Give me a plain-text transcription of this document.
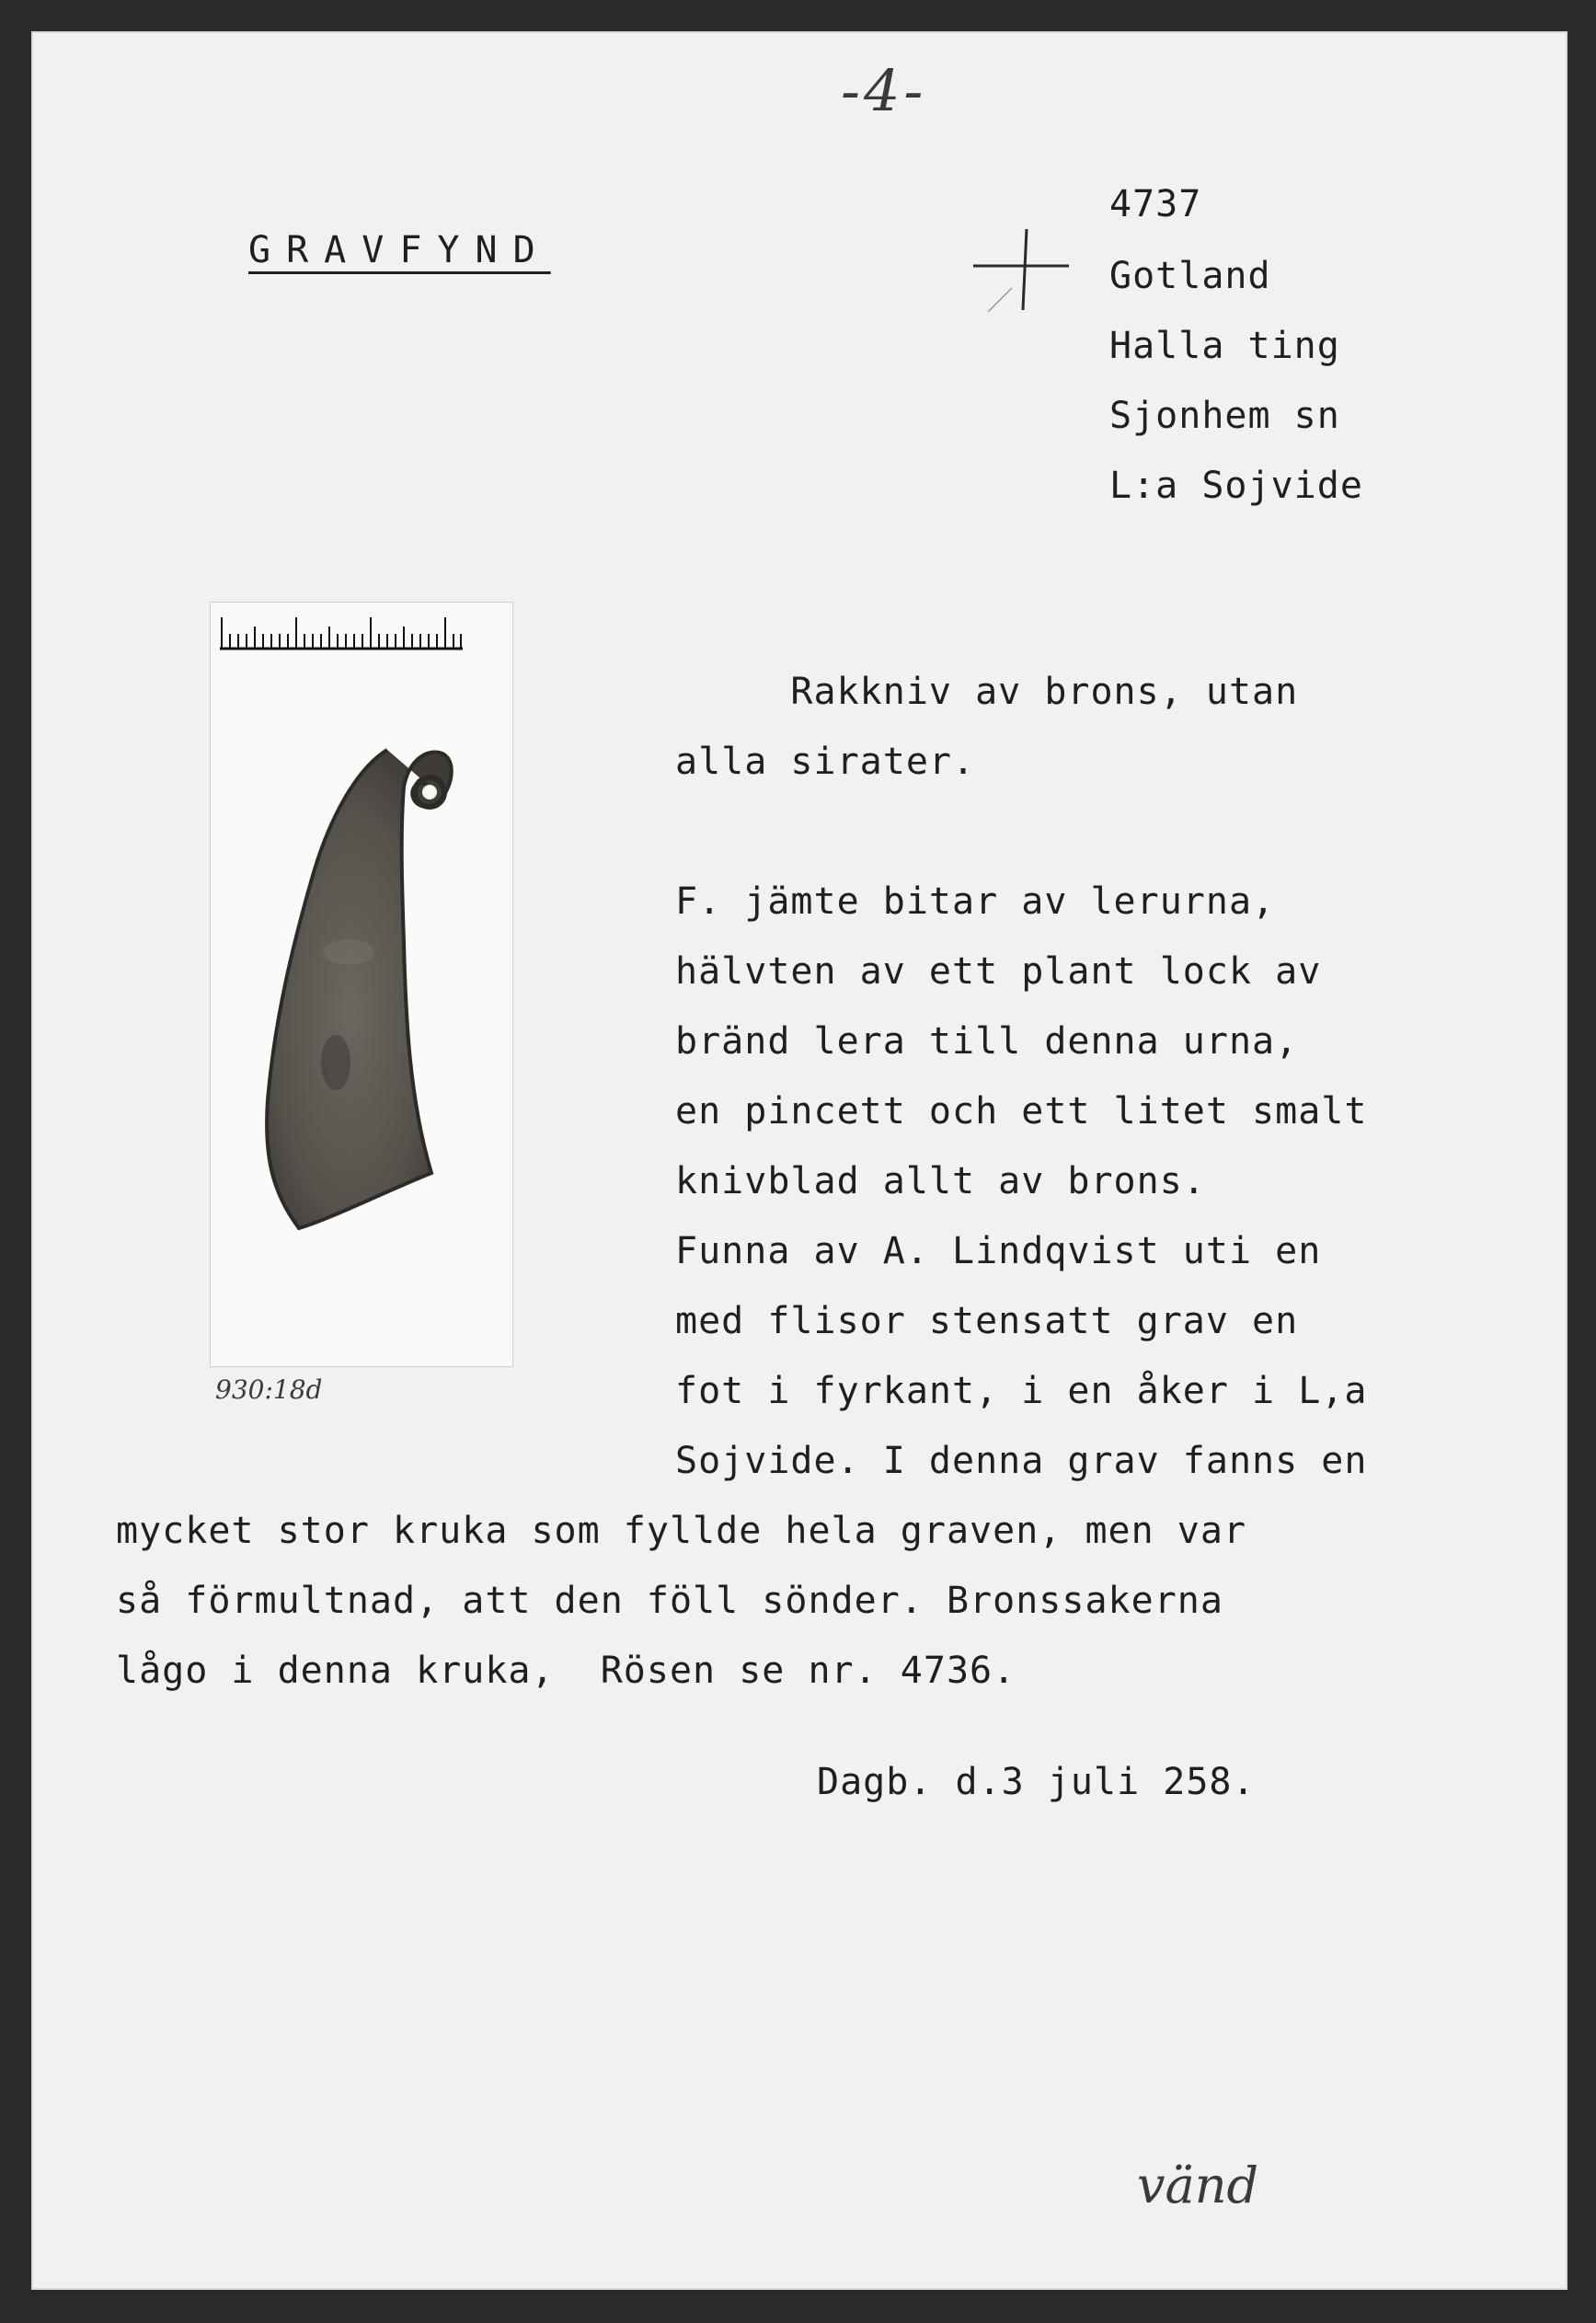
-4-
GRAVFYND
4737
Gotland
Halla ting
Sjonhem sn
L:a Sojvide
930:18d
Rakkniv av brons, utan
alla sirater.
F. jämte bitar av lerurna,
hälvten av ett plant lock av
bränd lera till denna urna,
en pincett och ett litet smalt
knivblad allt av brons.
Funna av A. Lindqvist uti en
med flisor stensatt grav en
fot i fyrkant, i en åker i L,a
Sojvide. I denna grav fanns en
mycket stor kruka som fyllde hela graven, men var
så förmultnad, att den föll sönder. Bronssakerna
lågo i denna kruka,  Rösen se nr. 4736.
Dagb. d.3 juli 258.
vänd
